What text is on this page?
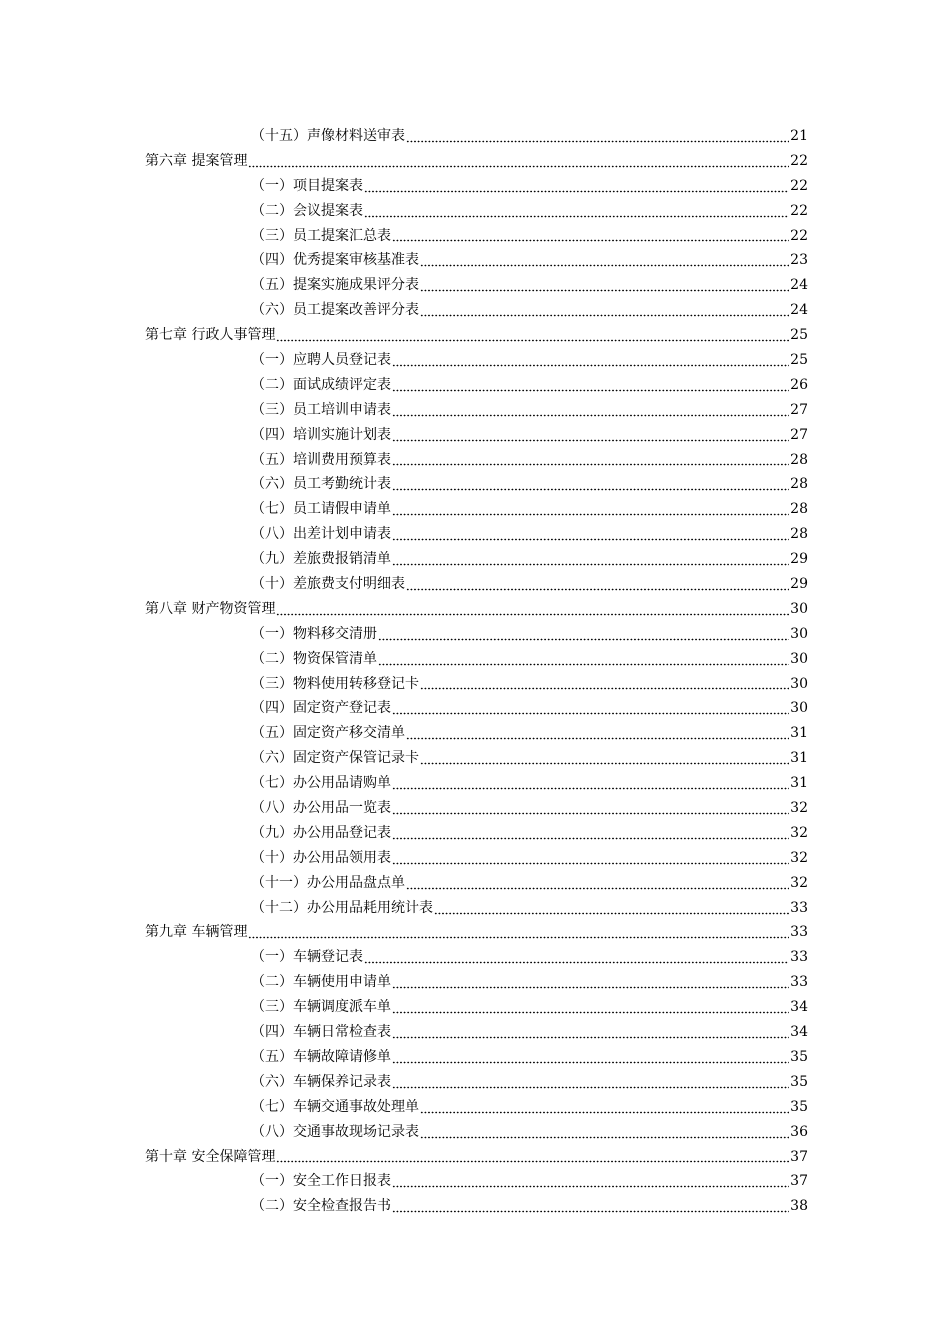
（十五）声像材料送审表	21
第六章 提案管理	22
（一）项目提案表	22
（二）会议提案表	22
（三）员工提案汇总表	22
（四）优秀提案审核基准表	23
（五）提案实施成果评分表	24
（六）员工提案改善评分表	24
第七章 行政人事管理	25
（一）应聘人员登记表	25
（二）面试成绩评定表	26
（三）员工培训申请表	27
（四）培训实施计划表	27
（五）培训费用预算表	28
（六）员工考勤统计表	28
（七）员工请假申请单	28
（八）出差计划申请表	28
（九）差旅费报销清单	29
（十）差旅费支付明细表	29
第八章 财产物资管理	30
（一）物料移交清册	30
（二）物资保管清单	30
（三）物料使用转移登记卡	30
（四）固定资产登记表	30
（五）固定资产移交清单	31
（六）固定资产保管记录卡	31
（七）办公用品请购单	31
（八）办公用品一览表	32
（九）办公用品登记表	32
（十）办公用品领用表	32
（十一）办公用品盘点单	32
（十二）办公用品耗用统计表	33
第九章 车辆管理	33
（一）车辆登记表	33
（二）车辆使用申请单	33
（三）车辆调度派车单	34
（四）车辆日常检查表	34
（五）车辆故障请修单	35
（六）车辆保养记录表	35
（七）车辆交通事故处理单	35
（八）交通事故现场记录表	36
第十章 安全保障管理	37
（一）安全工作日报表	37
（二）安全检查报告书	38
